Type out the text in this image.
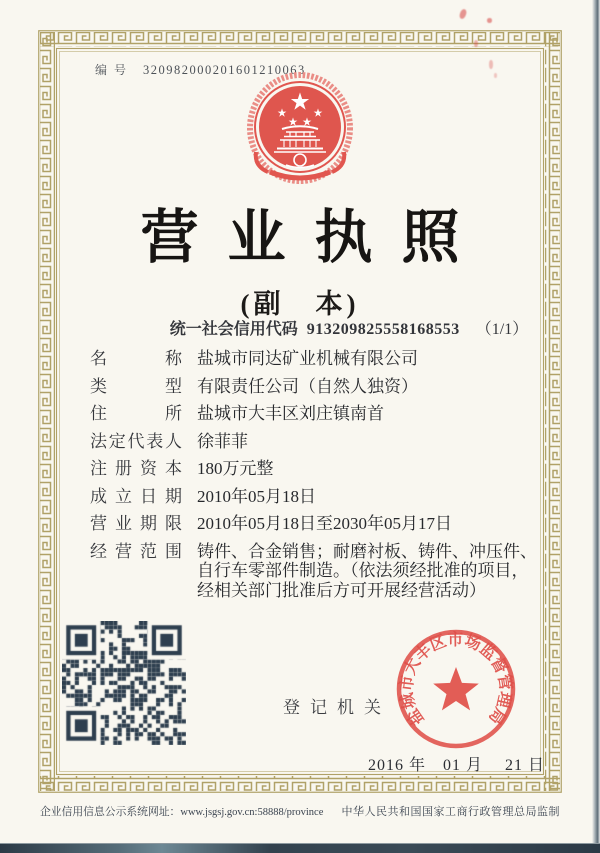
编号 320982000201601210063
营业执照
(副　本)
统一社会信用代码 913209825558168553 （1/1）
名称 盐城市同达矿业机械有限公司
类型 有限责任公司（自然人独资）
住所 盐城市大丰区刘庄镇南首
法定代表人 徐菲菲
注册资本 180万元整
成立日期 2010年05月18日
营业期限 2010年05月18日至2030年05月17日
经营范围 铸件、合金销售；耐磨衬板、铸件、冲压件、自行车零部件制造。（依法须经批准的项目，经相关部门批准后方可开展经营活动）
登记机关 盐城市大丰区市场监督管理局
2016 年　01 月　 21 日
企业信用信息公示系统网址：www.jsgsj.gov.cn:58888/province 中华人民共和国国家工商行政管理总局监制
